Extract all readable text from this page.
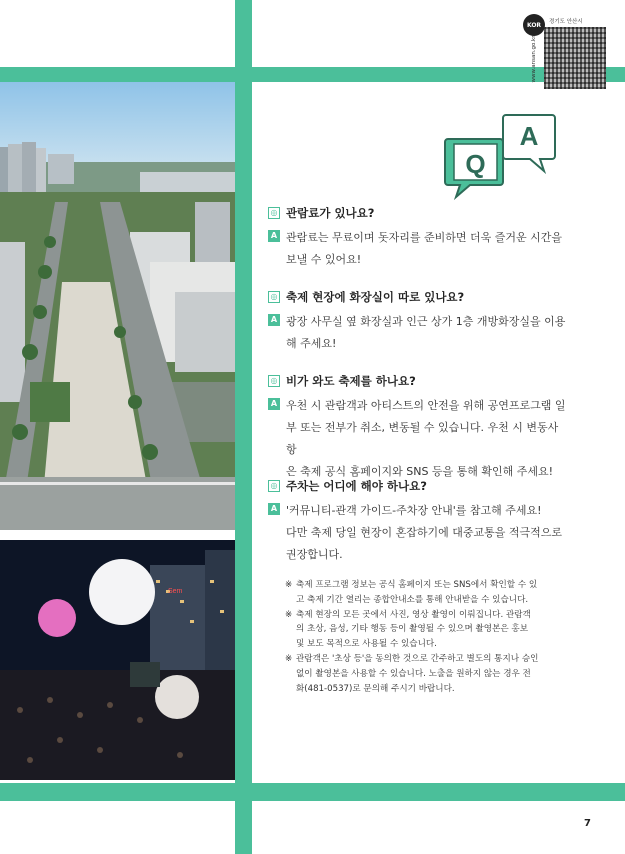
Sem
KOR
www.ansan.go.kr
경기도 안산시
Q
A
◎ 관람료가 있나요?
A 관람료는 무료이며 돗자리를 준비하면 더욱 즐거운 시간을
보낼 수 있어요!
◎ 축제 현장에 화장실이 따로 있나요?
A 광장 사무실 옆 화장실과 인근 상가 1층 개방화장실을 이용
해 주세요!
◎ 비가 와도 축제를 하나요?
A 우천 시 관람객과 아티스트의 안전을 위해 공연프로그램 일
부 또는 전부가 취소, 변동될 수 있습니다. 우천 시 변동사항
은 축제 공식 홈페이지와 SNS 등을 통해 확인해 주세요!
◎ 주차는 어디에 해야 하나요?
A '커뮤니티-관객 가이드-주차장 안내'를 참고해 주세요!
다만 축제 당일 현장이 혼잡하기에 대중교통을 적극적으로
권장합니다.
※ 축제 프로그램 정보는 공식 홈페이지 또는 SNS에서 확인할 수 있
고 축제 기간 열리는 종합안내소를 통해 안내받을 수 있습니다.
※ 축제 현장의 모든 곳에서 사진, 영상 촬영이 이뤄집니다. 관람객
의 초상, 음성, 기타 행동 등이 촬영될 수 있으며 촬영본은 홍보
및 보도 목적으로 사용될 수 있습니다.
※ 관람객은 '초상 등'을 동의한 것으로 간주하고 별도의 통지나 승인
없이 촬영본을 사용할 수 있습니다. 노출을 원하지 않는 경우 전
화(481-0537)로 문의해 주시기 바랍니다.
7
